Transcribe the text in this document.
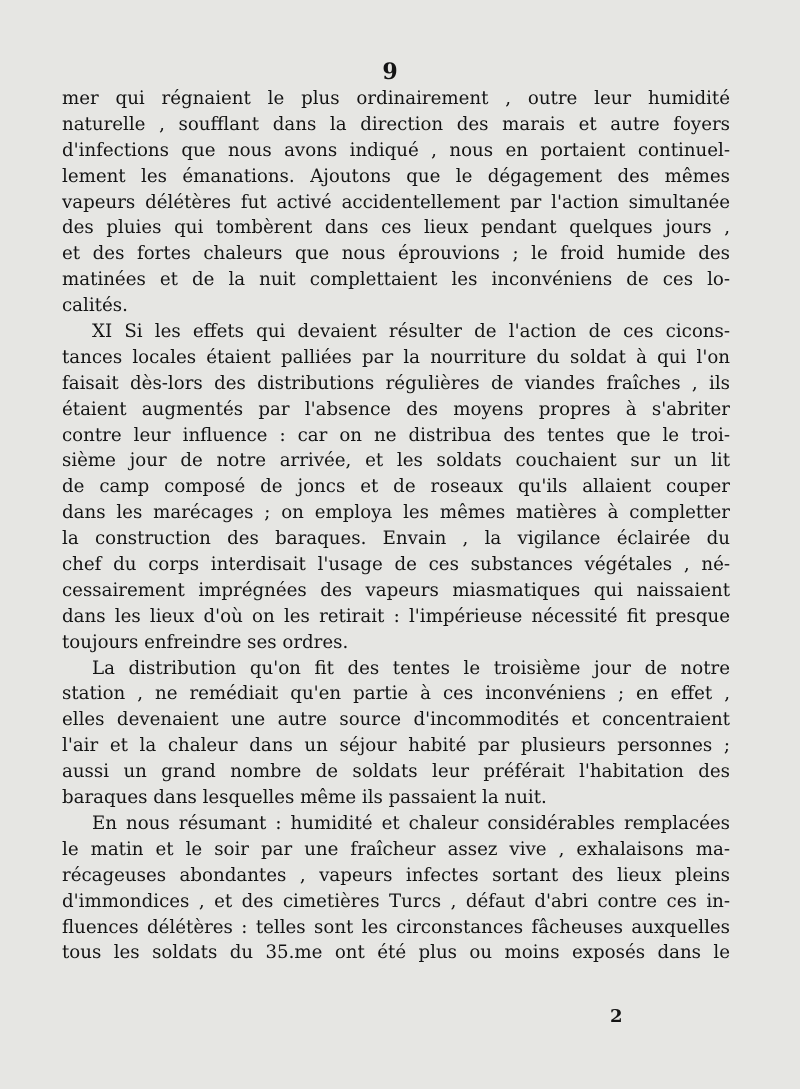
9
mer qui régnaient le plus ordinairement , outre leur humidité
naturelle , soufflant dans la direction des marais et autre foyers
d'infections que nous avons indiqué , nous en portaient continuel-
lement les émanations. Ajoutons que le dégagement des mêmes
vapeurs délétères fut activé accidentellement par l'action simultanée
des pluies qui tombèrent dans ces lieux pendant quelques jours ,
et des fortes chaleurs que nous éprouvions ; le froid humide des
matinées et de la nuit complettaient les inconvéniens de ces lo-
calités.
XI Si les effets qui devaient résulter de l'action de ces cicons-
tances locales étaient palliées par la nourriture du soldat à qui l'on
faisait dès-lors des distributions régulières de viandes fraîches , ils
étaient augmentés par l'absence des moyens propres à s'abriter
contre leur influence : car on ne distribua des tentes que le troi-
sième jour de notre arrivée, et les soldats couchaient sur un lit
de camp composé de joncs et de roseaux qu'ils allaient couper
dans les marécages ; on employa les mêmes matières à completter
la construction des baraques. Envain , la vigilance éclairée du
chef du corps interdisait l'usage de ces substances végétales , né-
cessairement imprégnées des vapeurs miasmatiques qui naissaient
dans les lieux d'où on les retirait : l'impérieuse nécessité fit presque
toujours enfreindre ses ordres.
La distribution qu'on fit des tentes le troisième jour de notre
station , ne remédiait qu'en partie à ces inconvéniens ; en effet ,
elles devenaient une autre source d'incommodités et concentraient
l'air et la chaleur dans un séjour habité par plusieurs personnes ;
aussi un grand nombre de soldats leur préférait l'habitation des
baraques dans lesquelles même ils passaient la nuit.
En nous résumant : humidité et chaleur considérables remplacées
le matin et le soir par une fraîcheur assez vive , exhalaisons ma-
récageuses abondantes , vapeurs infectes sortant des lieux pleins
d'immondices , et des cimetières Turcs , défaut d'abri contre ces in-
fluences délétères : telles sont les circonstances fâcheuses auxquelles
tous les soldats du 35.me ont été plus ou moins exposés dans le
2
